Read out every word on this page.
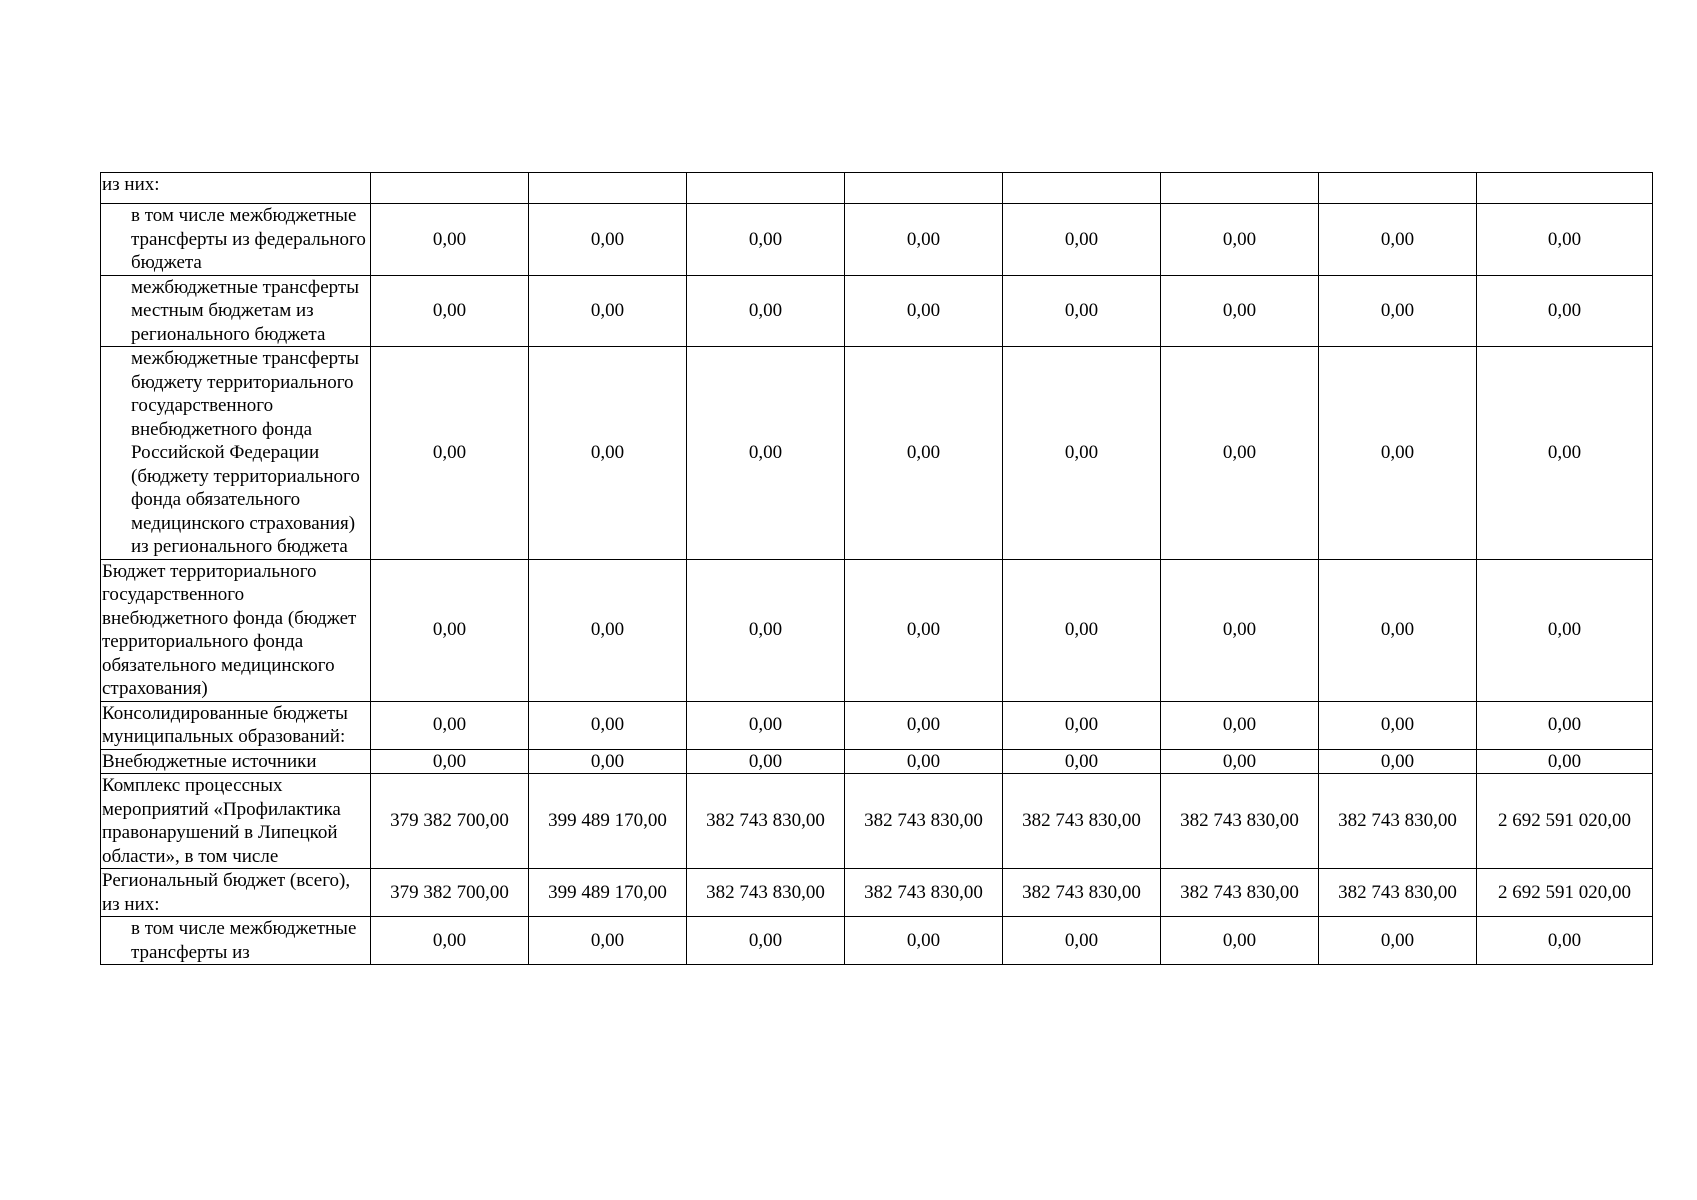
из них:								
в том числе межбюджетные трансферты из федерального бюджета	0,00	0,00	0,00	0,00	0,00	0,00	0,00	0,00
межбюджетные трансферты местным бюджетам из регионального бюджета	0,00	0,00	0,00	0,00	0,00	0,00	0,00	0,00
межбюджетные трансферты бюджету территориального государственного внебюджетного фонда Российской Федерации (бюджету территориального фонда обязательного медицинского страхования) из регионального бюджета	0,00	0,00	0,00	0,00	0,00	0,00	0,00	0,00
Бюджет территориального государственного внебюджетного фонда (бюджет территориального фонда обязательного медицинского страхования)	0,00	0,00	0,00	0,00	0,00	0,00	0,00	0,00
Консолидированные бюджеты муниципальных образований:	0,00	0,00	0,00	0,00	0,00	0,00	0,00	0,00
Внебюджетные источники	0,00	0,00	0,00	0,00	0,00	0,00	0,00	0,00
Комплекс процессных мероприятий «Профилактика правонарушений в Липецкой области», в том числе	379 382 700,00	399 489 170,00	382 743 830,00	382 743 830,00	382 743 830,00	382 743 830,00	382 743 830,00	2 692 591 020,00
Региональный бюджет (всего), из них:	379 382 700,00	399 489 170,00	382 743 830,00	382 743 830,00	382 743 830,00	382 743 830,00	382 743 830,00	2 692 591 020,00
в том числе межбюджетные трансферты из	0,00	0,00	0,00	0,00	0,00	0,00	0,00	0,00
